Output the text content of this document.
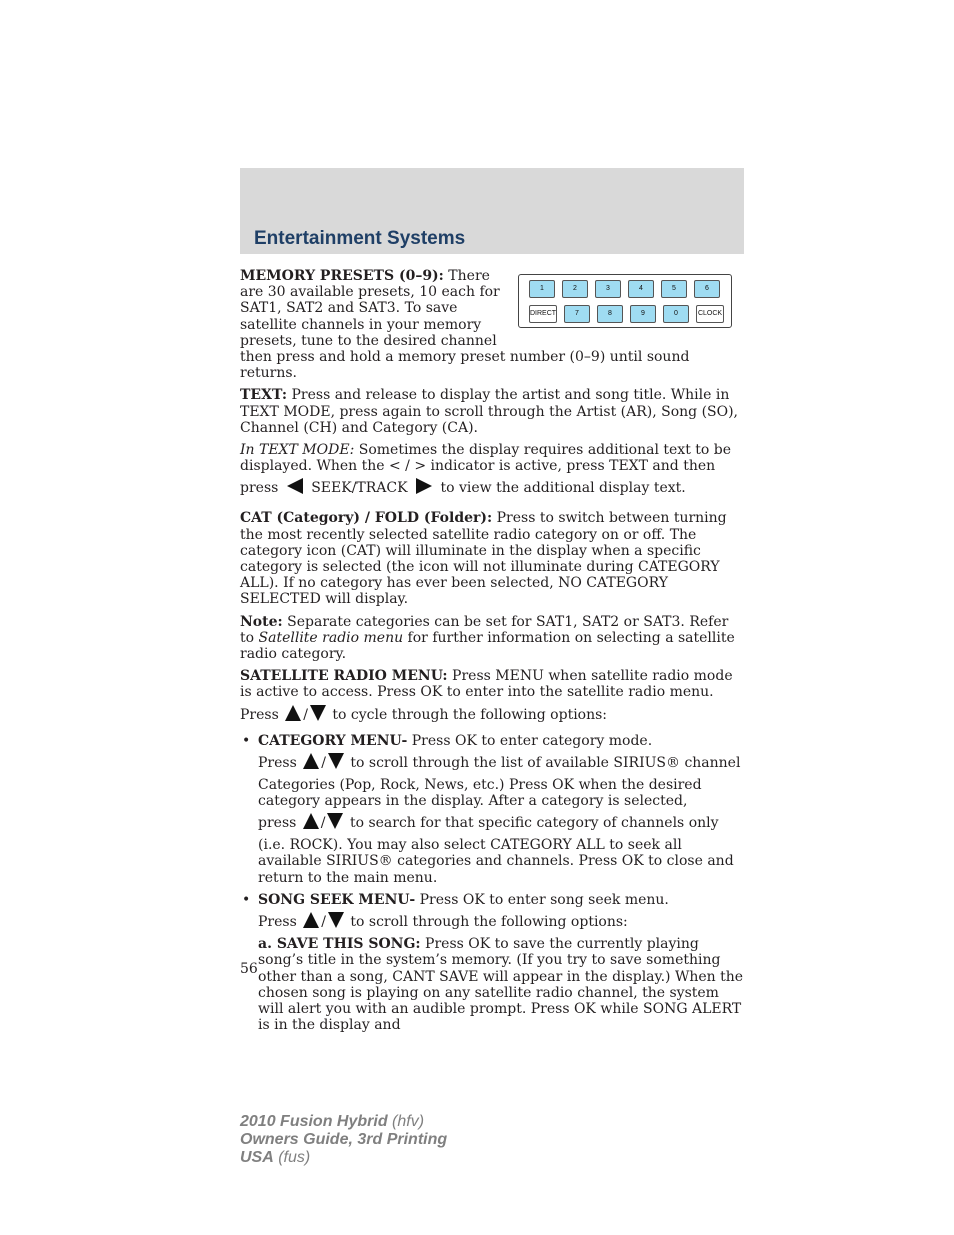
Entertainment Systems
1	2	3	4	5	6
DIRECT	7	8	9	0	CLOCK

MEMORY PRESETS (0–9): There are 30 available presets, 10 each for SAT1, SAT2 and SAT3. To save satellite channels in your memory presets, tune to the desired channel then press and hold a memory preset number (0–9) until sound returns.

TEXT: Press and release to display the artist and song title. While in TEXT MODE, press again to scroll through the Artist (AR), Song (SO), Channel (CH) and Category (CA).

In TEXT MODE: Sometimes the display requires additional text to be displayed. When the < / > indicator is active, press TEXT and then

press SEEK/TRACK to view the additional display text.

CAT (Category) / FOLD (Folder): Press to switch between turning the most recently selected satellite radio category on or off. The category icon (CAT) will illuminate in the display when a specific category is selected (the icon will not illuminate during CATEGORY ALL). If no category has ever been selected, NO CATEGORY SELECTED will display.

Note: Separate categories can be set for SAT1, SAT2 or SAT3. Refer to Satellite radio menu for further information on selecting a satellite radio category.

SATELLITE RADIO MENU: Press MENU when satellite radio mode is active to access. Press OK to enter into the satellite radio menu.

Press / to cycle through the following options:
• CATEGORY MENU- Press OK to enter category mode.
Press / to scroll through the list of available SIRIUS® channel
Categories (Pop, Rock, News, etc.) Press OK when the desired category appears in the display. After a category is selected,
press / to search for that specific category of channels only
(i.e. ROCK). You may also select CATEGORY ALL to seek all available SIRIUS® categories and channels. Press OK to close and return to the main menu.
• SONG SEEK MENU- Press OK to enter song seek menu.
Press / to scroll through the following options:
a. SAVE THIS SONG: Press OK to save the currently playing song’s title in the system’s memory. (If you try to save something other than a song, CANT SAVE will appear in the display.) When the chosen song is playing on any satellite radio channel, the system will alert you with an audible prompt. Press OK while SONG ALERT is in the display and
56
2010 Fusion Hybrid (hfv)
Owners Guide, 3rd Printing
USA (fus)
